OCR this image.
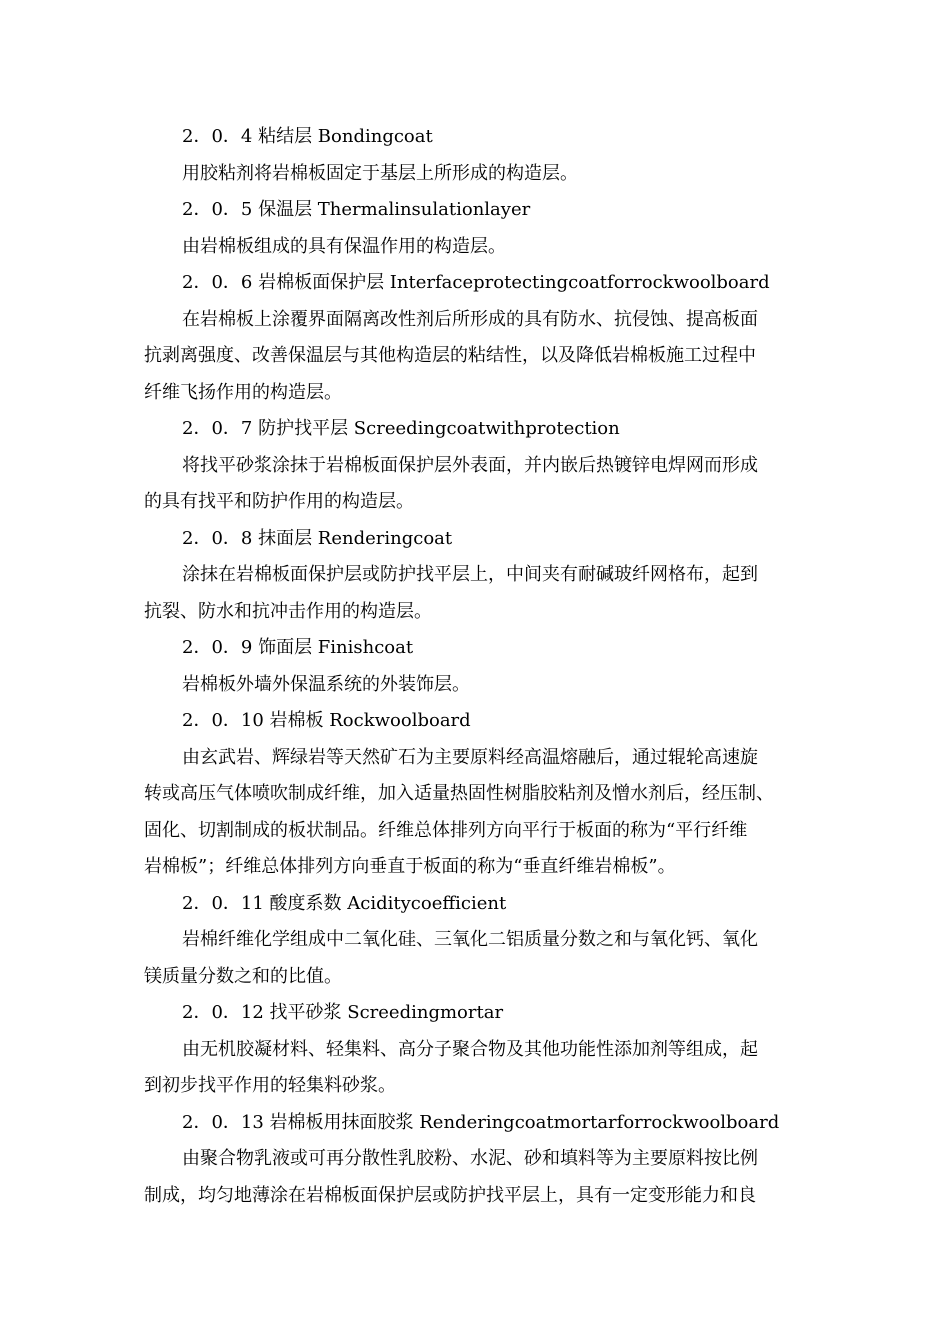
2．0．4 粘结层 Bondingcoat

用胶粘剂将岩棉板固定于基层上所形成的构造层。

2．0．5 保温层 Thermalinsulationlayer

由岩棉板组成的具有保温作用的构造层。

2．0．6 岩棉板面保护层 Interfaceprotectingcoatforrockwoolboard

在岩棉板上涂覆界面隔离改性剂后所形成的具有防水、抗侵蚀、提高板面
抗剥离强度、改善保温层与其他构造层的粘结性，以及降低岩棉板施工过程中
纤维飞扬作用的构造层。

2．0．7 防护找平层 Screedingcoatwithprotection

将找平砂浆涂抹于岩棉板面保护层外表面，并内嵌后热镀锌电焊网而形成
的具有找平和防护作用的构造层。

2．0．8 抹面层 Renderingcoat

涂抹在岩棉板面保护层或防护找平层上，中间夹有耐碱玻纤网格布，起到
抗裂、防水和抗冲击作用的构造层。

2．0．9 饰面层 Finishcoat

岩棉板外墙外保温系统的外装饰层。

2．0．10 岩棉板 Rockwoolboard

由玄武岩、辉绿岩等天然矿石为主要原料经高温熔融后，通过辊轮高速旋
转或高压气体喷吹制成纤维，加入适量热固性树脂胶粘剂及憎水剂后，经压制、
固化、切割制成的板状制品。纤维总体排列方向平行于板面的称为“平行纤维
岩棉板”；纤维总体排列方向垂直于板面的称为“垂直纤维岩棉板”。

2．0．11 酸度系数 Aciditycoefficient

岩棉纤维化学组成中二氧化硅、三氧化二铝质量分数之和与氧化钙、氧化
镁质量分数之和的比值。

2．0．12 找平砂浆 Screedingmortar

由无机胶凝材料、轻集料、高分子聚合物及其他功能性添加剂等组成，起
到初步找平作用的轻集料砂浆。

2．0．13 岩棉板用抹面胶浆 Renderingcoatmortarforrockwoolboard

由聚合物乳液或可再分散性乳胶粉、水泥、砂和填料等为主要原料按比例
制成，均匀地薄涂在岩棉板面保护层或防护找平层上，具有一定变形能力和良
